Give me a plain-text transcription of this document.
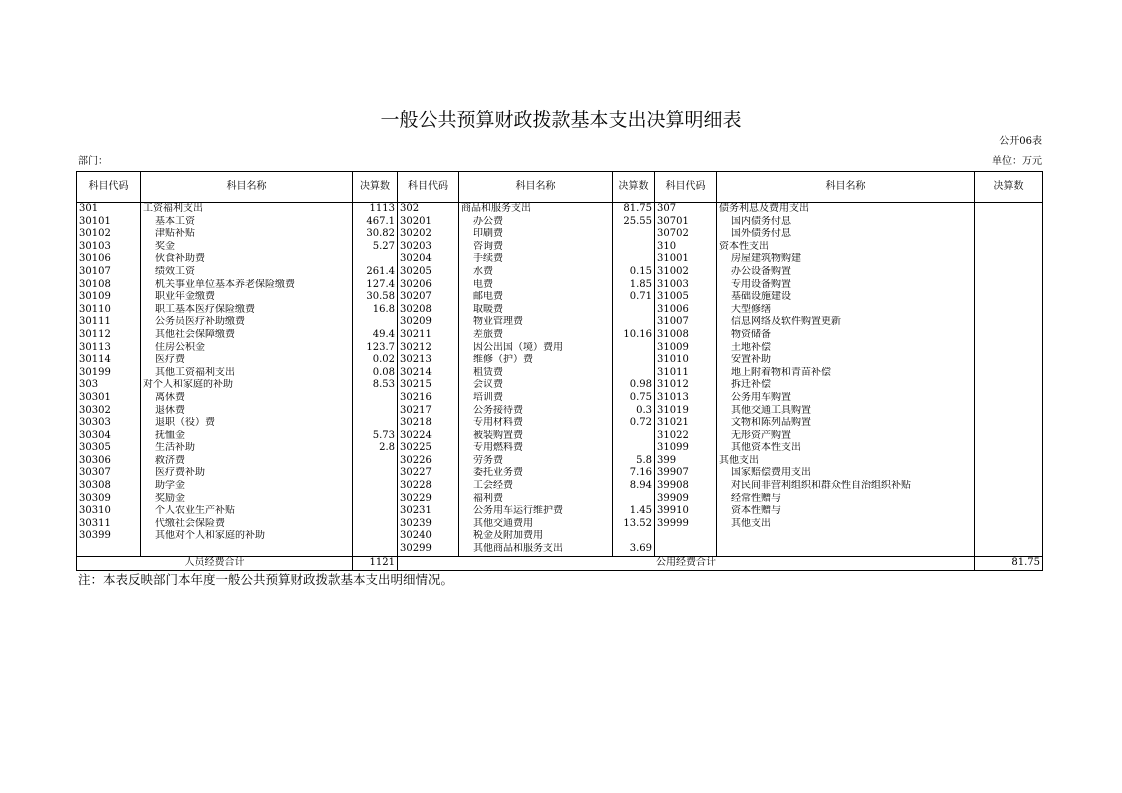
一般公共预算财政拨款基本支出决算明细表
公开06表
部门：	单位：万元
科目代码	科目名称	决算数	科目代码	科目名称	决算数	科目代码	科目名称	决算数
301	工资福利支出	1113	302	商品和服务支出	81.75	307	债务利息及费用支出	
30101	基本工资	467.1	30201	办公费	25.55	30701	国内债务付息	
30102	津贴补贴	30.82	30202	印刷费		30702	国外债务付息	
30103	奖金	5.27	30203	咨询费		310	资本性支出	
30106	伙食补助费		30204	手续费		31001	房屋建筑物购建	
30107	绩效工资	261.4	30205	水费	0.15	31002	办公设备购置	
30108	机关事业单位基本养老保险缴费	127.4	30206	电费	1.85	31003	专用设备购置	
30109	职业年金缴费	30.58	30207	邮电费	0.71	31005	基础设施建设	
30110	职工基本医疗保险缴费	16.8	30208	取暖费		31006	大型修缮	
30111	公务员医疗补助缴费		30209	物业管理费		31007	信息网络及软件购置更新	
30112	其他社会保障缴费	49.4	30211	差旅费	10.16	31008	物资储备	
30113	住房公积金	123.7	30212	因公出国（境）费用		31009	土地补偿	
30114	医疗费	0.02	30213	维修（护）费		31010	安置补助	
30199	其他工资福利支出	0.08	30214	租赁费		31011	地上附着物和青苗补偿	
303	对个人和家庭的补助	8.53	30215	会议费	0.98	31012	拆迁补偿	
30301	离休费		30216	培训费	0.75	31013	公务用车购置	
30302	退休费		30217	公务接待费	0.3	31019	其他交通工具购置	
30303	退职（役）费		30218	专用材料费	0.72	31021	文物和陈列品购置	
30304	抚恤金	5.73	30224	被装购置费		31022	无形资产购置	
30305	生活补助	2.8	30225	专用燃料费		31099	其他资本性支出	
30306	救济费		30226	劳务费	5.8	399	其他支出	
30307	医疗费补助		30227	委托业务费	7.16	39907	国家赔偿费用支出	
30308	助学金		30228	工会经费	8.94	39908	对民间非营利组织和群众性自治组织补贴	
30309	奖励金		30229	福利费		39909	经常性赠与	
30310	个人农业生产补贴		30231	公务用车运行维护费	1.45	39910	资本性赠与	
30311	代缴社会保险费		30239	其他交通费用	13.52	39999	其他支出	
30399	其他对个人和家庭的补助		30240	税金及附加费用				
			30299	其他商品和服务支出	3.69			
人员经费合计		1121	公用经费合计					81.75
注：本表反映部门本年度一般公共预算财政拨款基本支出明细情况。
